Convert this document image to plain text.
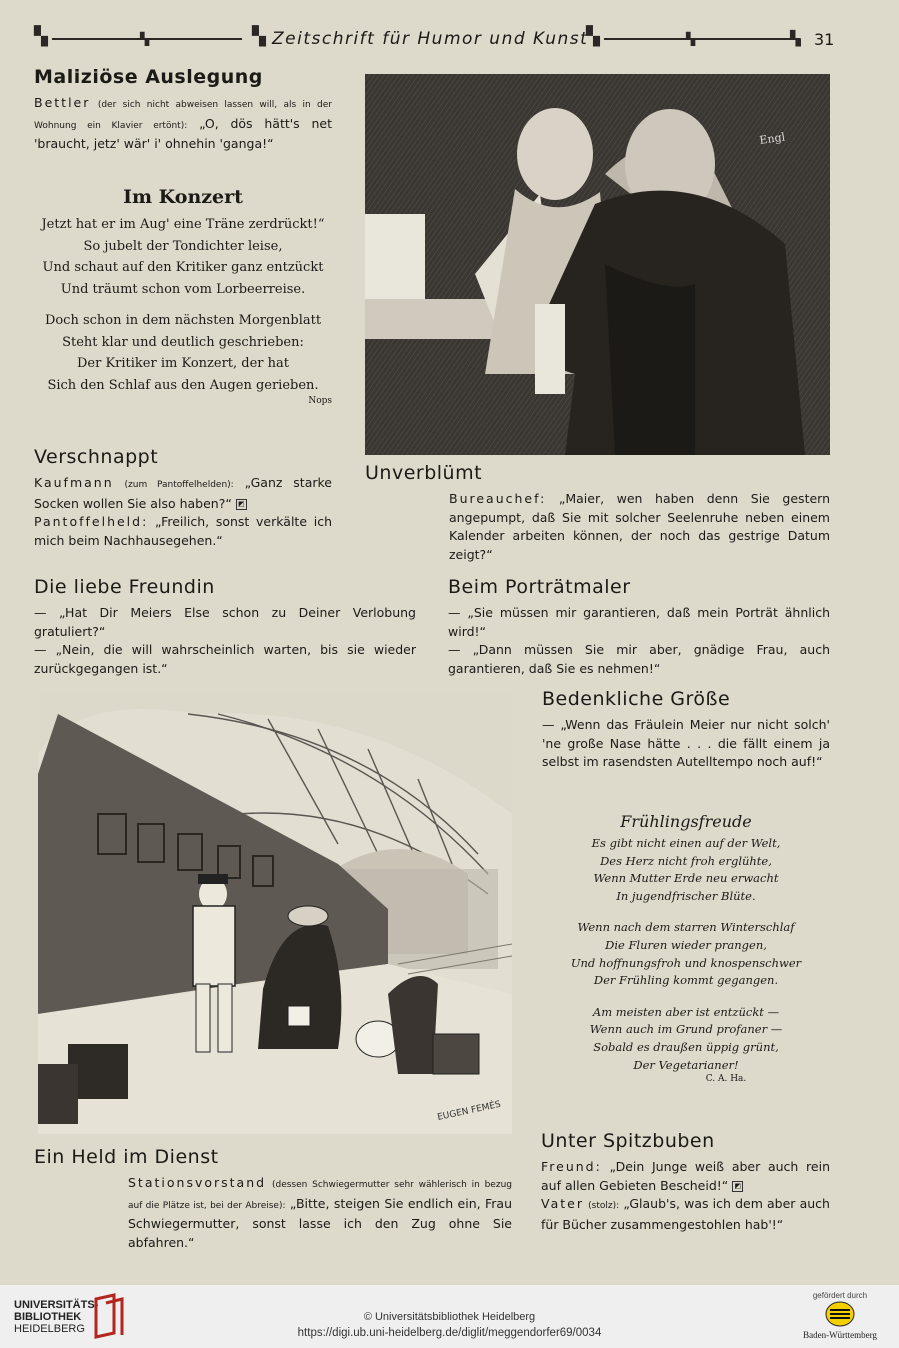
▚	▚	▚ Zeitschrift für Humor und Kunst
▚	▚	▚ 31
Maliziöse Auslegung

Bettler (der sich nicht abweisen lassen will, als in der Wohnung ein Klavier ertönt): „O, dös hätt's net 'braucht, jetz' wär' i' ohnehin 'ganga!“

Im Konzert

Jetzt hat er im Aug' eine Träne zerdrückt!“

So jubelt der Tondichter leise,

Und schaut auf den Kritiker ganz entzückt

Und träumt schon vom Lorbeerreise.

Doch schon in dem nächsten Morgenblatt

Steht klar und deutlich geschrieben:

Der Kritiker im Konzert, der hat

Sich den Schlaf aus den Augen gerieben.

Nops
Engl
Verschnappt

Kaufmann (zum Pantoffelhelden): „Ganz starke Socken wollen Sie also haben?“ ◩
Pantoffelheld: „Freilich, sonst verkälte ich mich beim Nachhausegehen.“

Unverblümt

Bureauchef: „Maier, wen haben denn Sie gestern angepumpt, daß Sie mit solcher Seelenruhe neben einem Kalender arbeiten können, der noch das gestrige Datum zeigt?“

Die liebe Freundin

— „Hat Dir Meiers Else schon zu Deiner Verlobung gratuliert?“

— „Nein, die will wahrscheinlich warten, bis sie wieder zurückgegangen ist.“

Beim Porträtmaler

— „Sie müssen mir garantieren, daß mein Porträt ähnlich wird!“

— „Dann müssen Sie mir aber, gnädige Frau, auch garantieren, daß Sie es nehmen!“

EUGEN FEMÉS
Bedenkliche Größe

— „Wenn das Fräulein Meier nur nicht solch' 'ne große Nase hätte . . . die fällt einem ja selbst im rasendsten Autelltempo noch auf!“

Frühlingsfreude

Es gibt nicht einen auf der Welt,

Des Herz nicht froh erglühte,

Wenn Mutter Erde neu erwacht

In jugendfrischer Blüte.

Wenn nach dem starren Winterschlaf

Die Fluren wieder prangen,

Und hoffnungsfroh und knospenschwer

Der Frühling kommt gegangen.

Am meisten aber ist entzückt —

Wenn auch im Grund profaner —

Sobald es draußen üppig grünt,

Der Vegetarianer!

C. A. Ha.
Ein Held im Dienst

Stationsvorstand (dessen Schwiegermutter sehr wählerisch in bezug auf die Plätze ist, bei der Abreise): „Bitte, steigen Sie endlich ein, Frau Schwiegermutter, sonst lasse ich den Zug ohne Sie abfahren.“

Unter Spitzbuben

Freund: „Dein Junge weiß aber auch rein auf allen Gebieten Bescheid!“ ◩
Vater (stolz): „Glaub's, was ich dem aber auch für Bücher zusammengestohlen hab'!“

UNIVERSITÄTS-
BIBLIOTHEK
HEIDELBERG
© Universitätsbibliothek Heidelberg
https://digi.ub.uni-heidelberg.de/diglit/meggendorfer69/0034
gefördert durch
Baden-Württemberg
